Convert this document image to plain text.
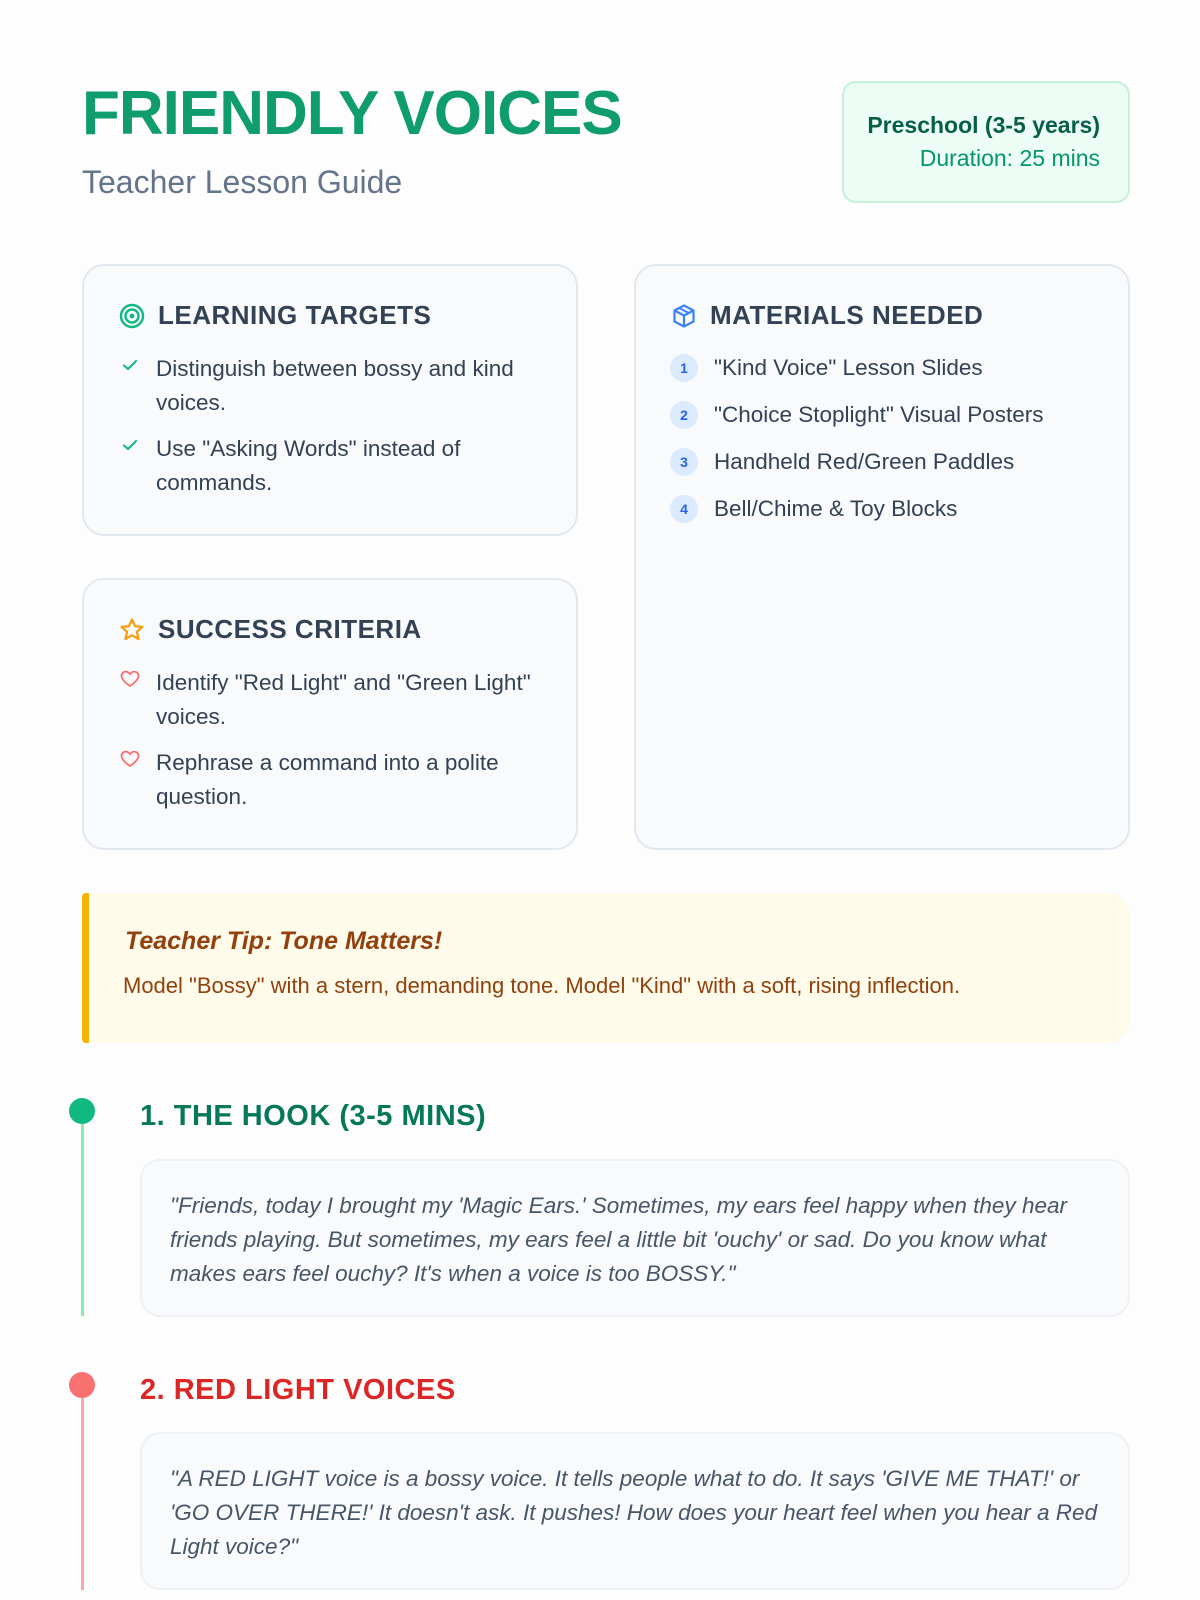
FRIENDLY VOICES
Teacher Lesson Guide
Preschool (3-5 years)
Duration: 25 mins
LEARNING TARGETS
Distinguish between bossy and kind voices.
Use "Asking Words" instead of commands.
SUCCESS CRITERIA
Identify "Red Light" and "Green Light" voices.
Rephrase a command into a polite question.
MATERIALS NEEDED
1	"Kind Voice" Lesson Slides
2	"Choice Stoplight" Visual Posters
3	Handheld Red/Green Paddles
4	Bell/Chime & Toy Blocks
Teacher Tip: Tone Matters!
Model "Bossy" with a stern, demanding tone. Model "Kind" with a soft, rising inflection.
1. THE HOOK (3-5 MINS)
"Friends, today I brought my 'Magic Ears.' Sometimes, my ears feel happy when they hear friends playing. But sometimes, my ears feel a little bit 'ouchy' or sad. Do you know what makes ears feel ouchy? It's when a voice is too BOSSY."
2. RED LIGHT VOICES
"A RED LIGHT voice is a bossy voice. It tells people what to do. It says 'GIVE ME THAT!' or 'GO OVER THERE!' It doesn't ask. It pushes! How does your heart feel when you hear a Red Light voice?"
